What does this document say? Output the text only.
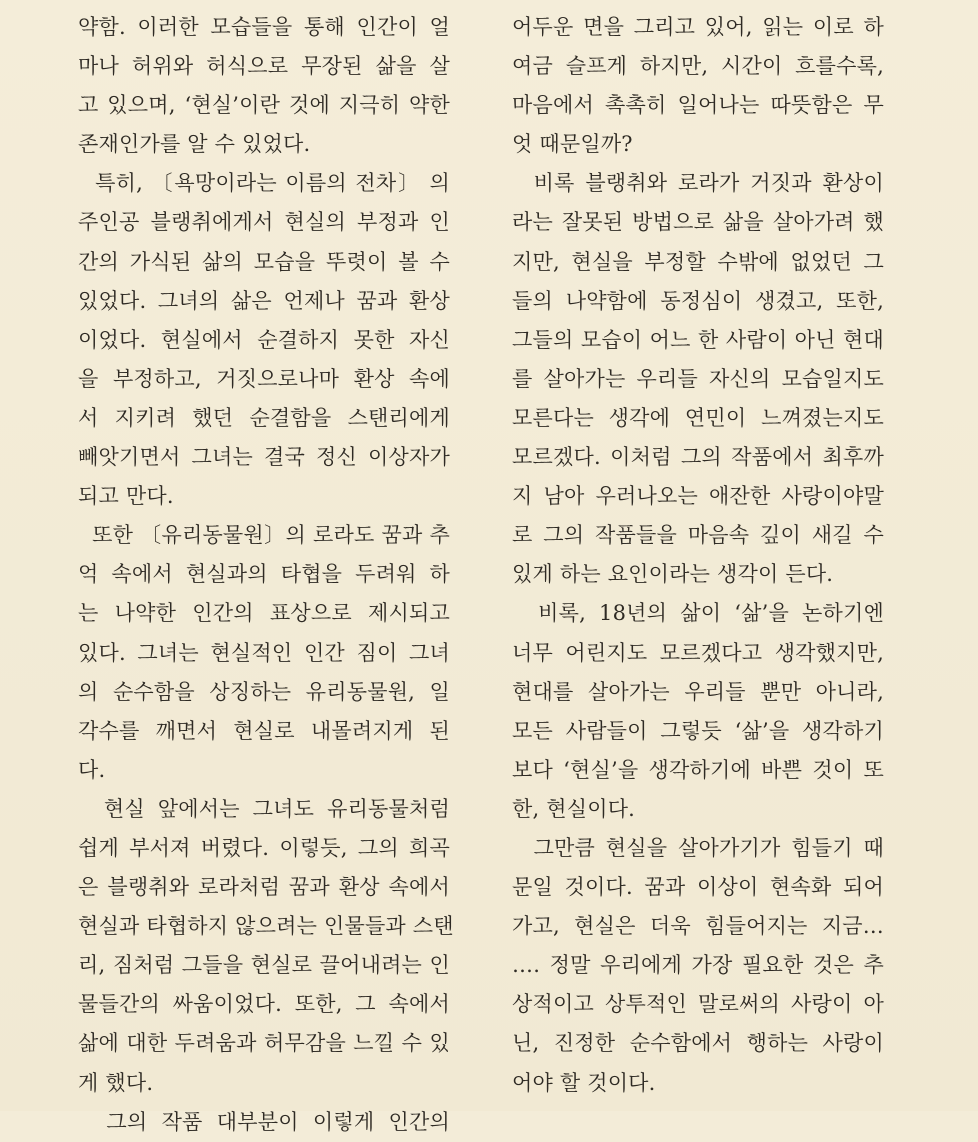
약함. 이러한 모습들을 통해 인간이 얼
마나 허위와 허식으로 무장된 삶을 살
고 있으며, ‘현실’이란 것에 지극히 약한
존재인가를 알 수 있었다.
특히, 〔욕망이라는 이름의 전차〕 의
주인공 블랭취에게서 현실의 부정과 인
간의 가식된 삶의 모습을 뚜렷이 볼 수
있었다. 그녀의 삶은 언제나 꿈과 환상
이었다. 현실에서 순결하지 못한 자신
을 부정하고, 거짓으로나마 환상 속에
서 지키려 했던 순결함을 스탠리에게
빼앗기면서 그녀는 결국 정신 이상자가
되고 만다.
또한 〔유리동물원〕의 로라도 꿈과 추
억 속에서 현실과의 타협을 두려워 하
는 나약한 인간의 표상으로 제시되고
있다. 그녀는 현실적인 인간 짐이 그녀
의 순수함을 상징하는 유리동물원, 일
각수를 깨면서 현실로 내몰려지게 된
다.
현실 앞에서는 그녀도 유리동물처럼
쉽게 부서져 버렸다. 이렇듯, 그의 희곡
은 블랭취와 로라처럼 꿈과 환상 속에서
현실과 타협하지 않으려는 인물들과 스탠
리, 짐처럼 그들을 현실로 끌어내려는 인
물들간의 싸움이었다. 또한, 그 속에서
삶에 대한 두려움과 허무감을 느낄 수 있
게 했다.
그의 작품 대부분이 이렇게 인간의
어두운 면을 그리고 있어, 읽는 이로 하
여금 슬프게 하지만, 시간이 흐를수록,
마음에서 촉촉히 일어나는 따뜻함은 무
엇 때문일까?
비록 블랭취와 로라가 거짓과 환상이
라는 잘못된 방법으로 삶을 살아가려 했
지만, 현실을 부정할 수밖에 없었던 그
들의 나약함에 동정심이 생겼고, 또한,
그들의 모습이 어느 한 사람이 아닌 현대
를 살아가는 우리들 자신의 모습일지도
모른다는 생각에 연민이 느껴졌는지도
모르겠다. 이처럼 그의 작품에서 최후까
지 남아 우러나오는 애잔한 사랑이야말
로 그의 작품들을 마음속 깊이 새길 수
있게 하는 요인이라는 생각이 든다.
비록, 18년의 삶이 ‘삶’을 논하기엔
너무 어린지도 모르겠다고 생각했지만,
현대를 살아가는 우리들 뿐만 아니라,
모든 사람들이 그렇듯 ‘삶’을 생각하기
보다 ‘현실’을 생각하기에 바쁜 것이 또
한, 현실이다.
그만큼 현실을 살아가기가 힘들기 때
문일 것이다. 꿈과 이상이 현속화 되어
가고, 현실은 더욱 힘들어지는 지금…
…. 정말 우리에게 가장 필요한 것은 추
상적이고 상투적인 말로써의 사랑이 아
닌, 진정한 순수함에서 행하는 사랑이
어야 할 것이다.
